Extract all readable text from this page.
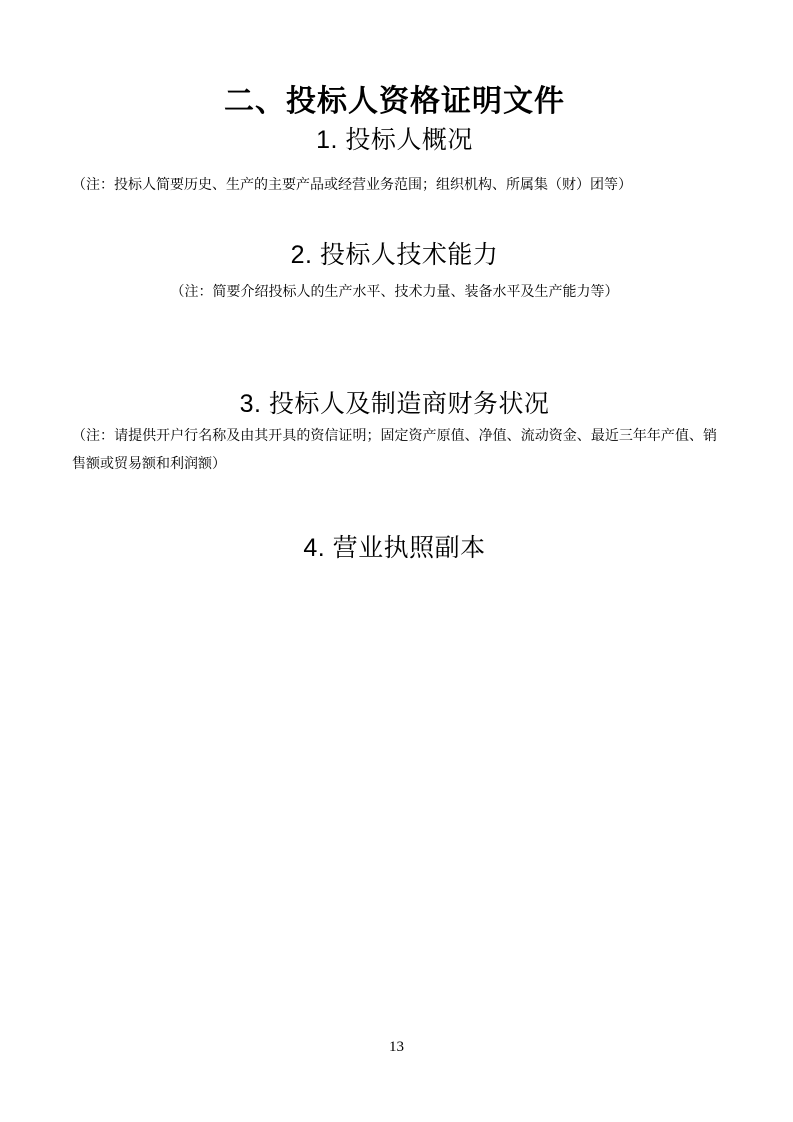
二、投标人资格证明文件
1. 投标人概况

（注：投标人简要历史、生产的主要产品或经营业务范围；组织机构、所属集（财）团等）

2. 投标人技术能力

（注：简要介绍投标人的生产水平、技术力量、装备水平及生产能力等）

3. 投标人及制造商财务状况

（注：请提供开户行名称及由其开具的资信证明；固定资产原值、净值、流动资金、最近三年年产值、销售额或贸易额和利润额）

4. 营业执照副本
13
